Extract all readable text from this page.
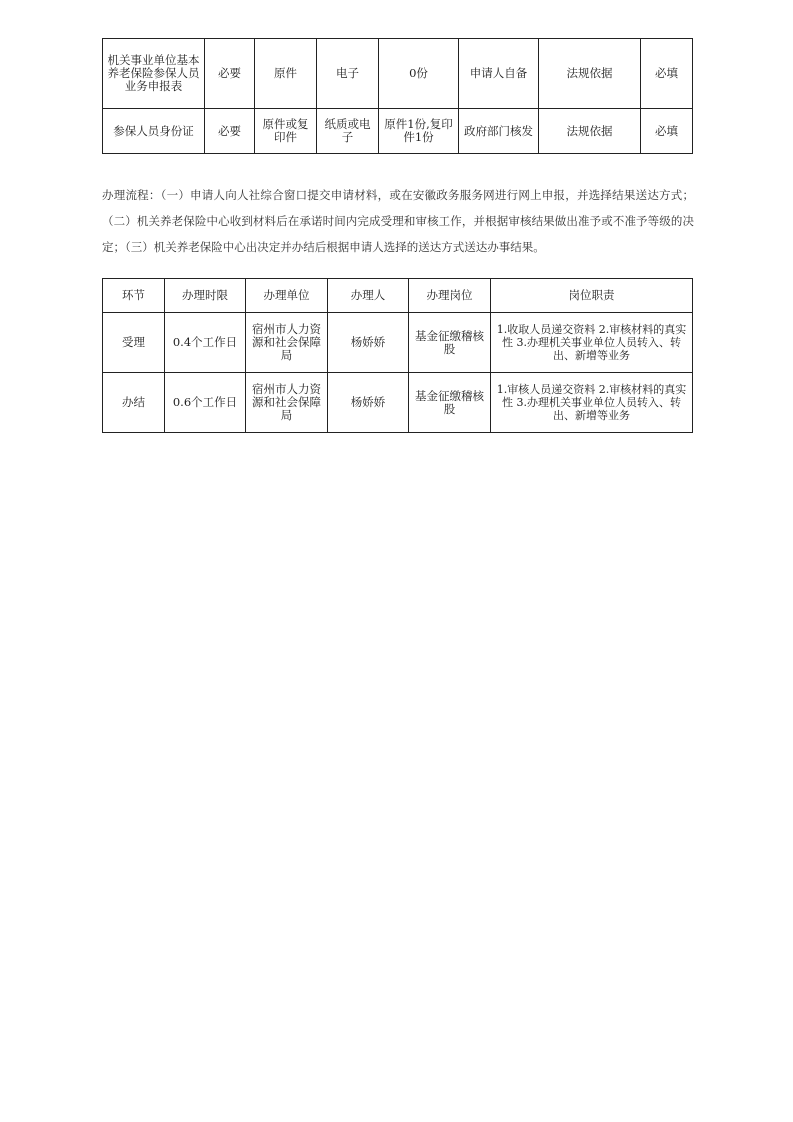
机关事业单位基本养老保险参保人员业务申报表	必要	原件	电子	0份	申请人自备	法规依据	必填
参保人员身份证	必要	原件或复印件	纸质或电子	原件1份,复印件1份	政府部门核发	法规依据	必填

办理流程：（一）申请人向人社综合窗口提交申请材料，或在安徽政务服务网进行网上申报，并选择结果送达方式；（二）机关养老保险中心收到材料后在承诺时间内完成受理和审核工作，并根据审核结果做出准予或不准予等级的决定；（三）机关养老保险中心出决定并办结后根据申请人选择的送达方式送达办事结果。

环节	办理时限	办理单位	办理人	办理岗位	岗位职责
受理	0.4个工作日	宿州市人力资源和社会保障局	杨娇娇	基金征缴稽核股	1.收取人员递交资料 2.审核材料的真实性 3.办理机关事业单位人员转入、转出、新增等业务
办结	0.6个工作日	宿州市人力资源和社会保障局	杨娇娇	基金征缴稽核股	1.审核人员递交资料 2.审核材料的真实性 3.办理机关事业单位人员转入、转出、新增等业务
